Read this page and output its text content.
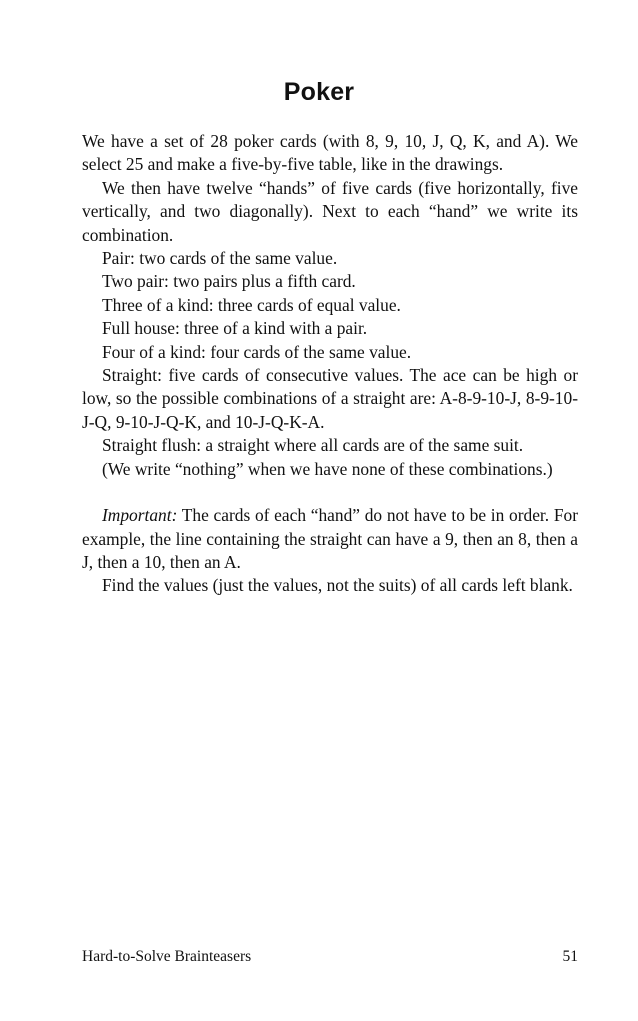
Poker

We have a set of 28 poker cards (with 8, 9, 10, J, Q, K, and A). We select 25 and make a five-by-five table, like in the drawings.

We then have twelve “hands” of five cards (five horizontally, five vertically, and two diagonally). Next to each “hand” we write its combination.

Pair: two cards of the same value.

Two pair: two pairs plus a fifth card.

Three of a kind: three cards of equal value.

Full house: three of a kind with a pair.

Four of a kind: four cards of the same value.

Straight: five cards of consecutive values. The ace can be high or low, so the possible combinations of a straight are: A-8-9-10-J, 8-9-10-J-Q, 9-10-J-Q-K, and 10-J-Q-K-A.

Straight flush: a straight where all cards are of the same suit.

(We write “nothing” when we have none of these combinations.)

Important: The cards of each “hand” do not have to be in order. For example, the line containing the straight can have a 9, then an 8, then a J, then a 10, then an A.

Find the values (just the values, not the suits) of all cards left blank.

Hard-to-Solve Brainteasers	51
